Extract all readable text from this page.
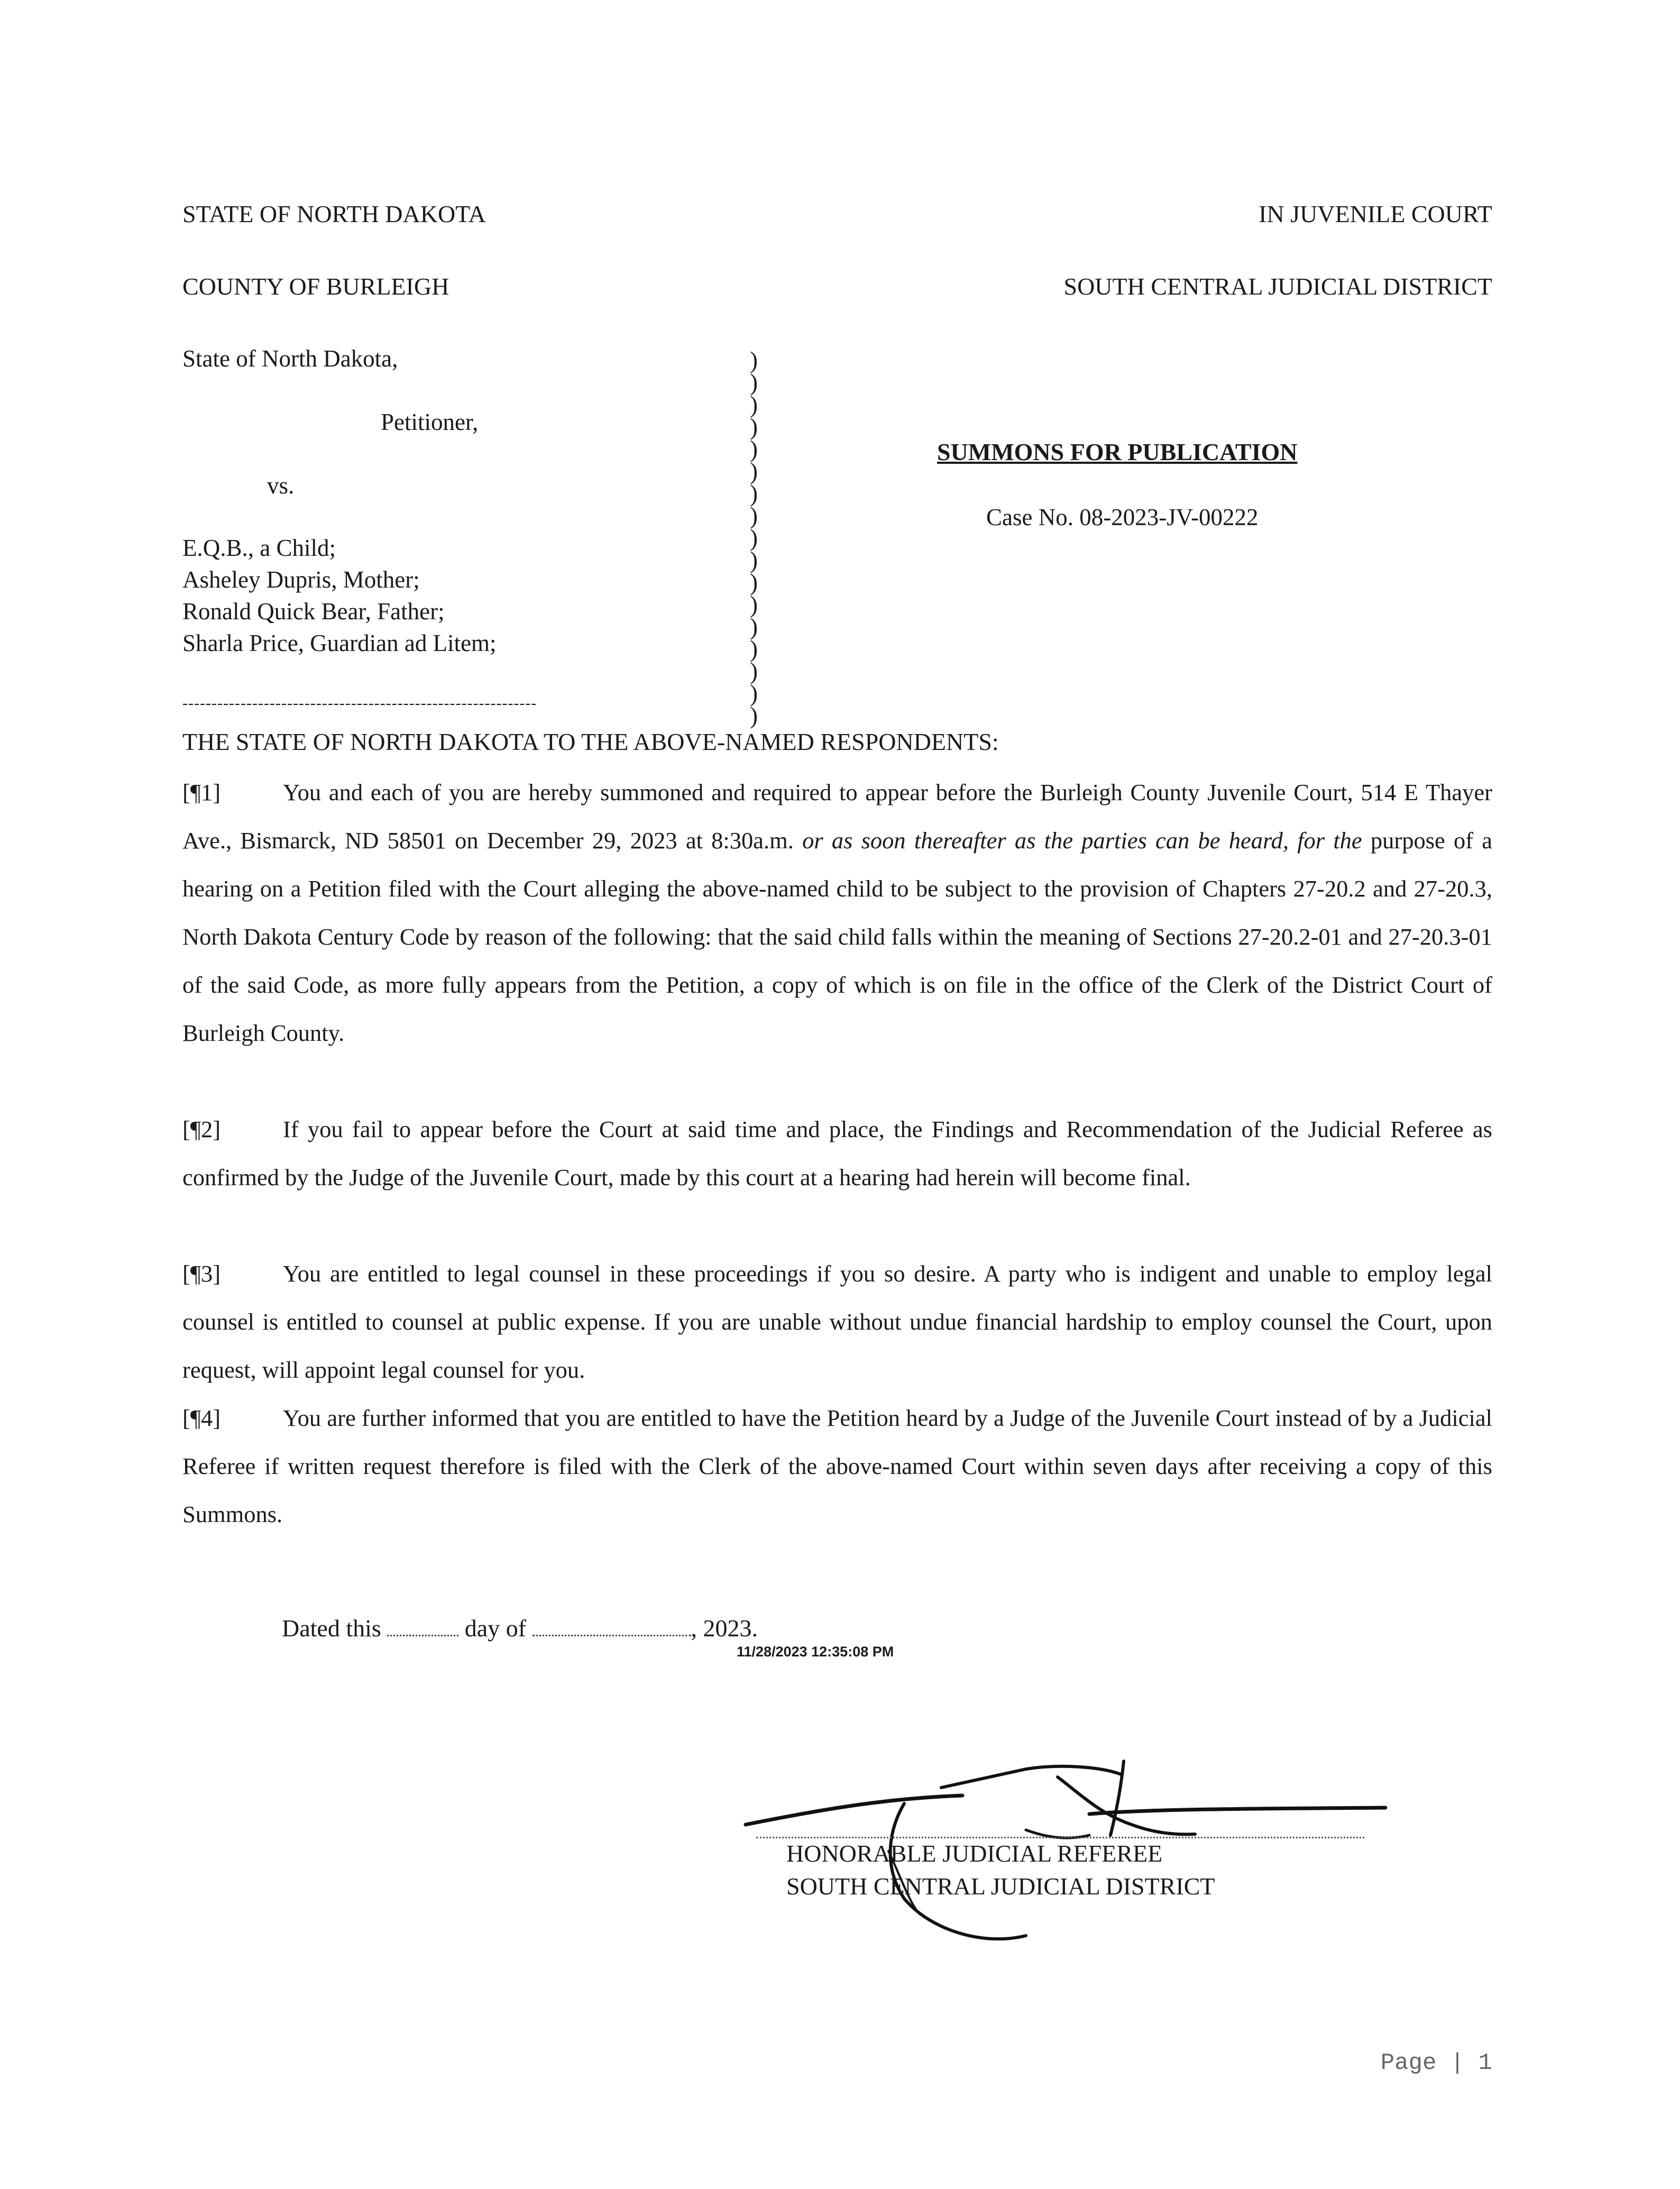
STATE OF NORTH DAKOTA	IN JUVENILE COURT
COUNTY OF BURLEIGH	SOUTH CENTRAL JUDICIAL DISTRICT
State of North Dakota,
Petitioner,
vs.
E.Q.B., a Child;
Asheley Dupris, Mother;
Ronald Quick Bear, Father;
Sharla Price, Guardian ad Litem;
-------------------------------------------------------------
)
)
)
)
)
)
)
)
)
)
)
)
)
)
)
)
)
SUMMONS FOR PUBLICATION
Case No. 08-2023-JV-00222
THE STATE OF NORTH DAKOTA TO THE ABOVE-NAMED RESPONDENTS:

[¶1]	You and each of you are hereby summoned and required to appear before the Burleigh County Juvenile Court, 514 E Thayer Ave., Bismarck, ND 58501 on December 29, 2023 at 8:30a.m. or as soon thereafter as the parties can be heard, for the purpose of a hearing on a Petition filed with the Court alleging the above-named child to be subject to the provision of Chapters 27-20.2 and 27-20.3, North Dakota Century Code by reason of the following: that the said child falls within the meaning of Sections 27-20.2-01 and 27-20.3-01 of the said Code, as more fully appears from the Petition, a copy of which is on file in the office of the Clerk of the District Court of Burleigh County.

[¶2]	If you fail to appear before the Court at said time and place, the Findings and Recommendation of the Judicial Referee as confirmed by the Judge of the Juvenile Court, made by this court at a hearing had herein will become final.

[¶3]	You are entitled to legal counsel in these proceedings if you so desire. A party who is indigent and unable to employ legal counsel is entitled to counsel at public expense. If you are unable without undue financial hardship to employ counsel the Court, upon request, will appoint legal counsel for you.

[¶4]	You are further informed that you are entitled to have the Petition heard by a Judge of the Juvenile Court instead of by a Judicial Referee if written request therefore is filed with the Clerk of the above-named Court within seven days after receiving a copy of this Summons.

Dated this	day of	, 2023.
11/28/2023 12:35:08 PM
HONORABLE JUDICIAL REFEREE
SOUTH CENTRAL JUDICIAL DISTRICT
Page | 1
